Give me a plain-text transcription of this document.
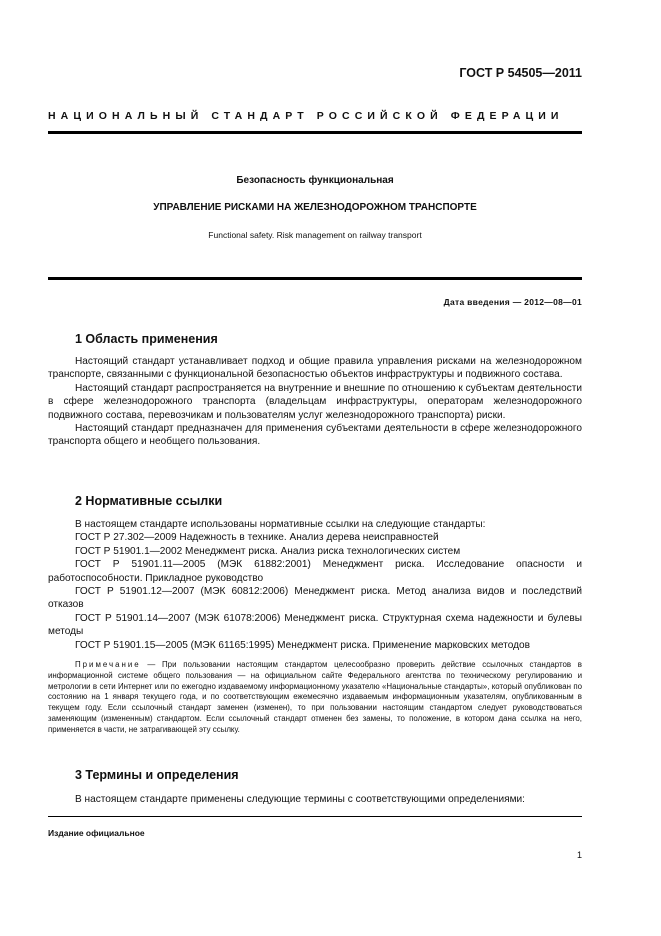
ГОСТ Р 54505—2011
НАЦИОНАЛЬНЫЙ СТАНДАРТ РОССИЙСКОЙ ФЕДЕРАЦИИ
Безопасность функциональная
УПРАВЛЕНИЕ РИСКАМИ НА ЖЕЛЕЗНОДОРОЖНОМ ТРАНСПОРТЕ
Functional safety. Risk management on railway transport
Дата введения — 2012—08—01
1 Область применения

Настоящий стандарт устанавливает подход и общие правила управления рисками на железнодорожном транспорте, связанными с функциональной безопасностью объектов инфраструктуры и подвижного состава.

Настоящий стандарт распространяется на внутренние и внешние по отношению к субъектам деятельности в сфере железнодорожного транспорта (владельцам инфраструктуры, операторам железнодорожного подвижного состава, перевозчикам и пользователям услуг железнодорожного транспорта) риски.

Настоящий стандарт предназначен для применения субъектами деятельности в сфере железнодорожного транспорта общего и необщего пользования.

2 Нормативные ссылки

В настоящем стандарте использованы нормативные ссылки на следующие стандарты:

ГОСТ Р 27.302—2009 Надежность в технике. Анализ дерева неисправностей

ГОСТ Р 51901.1—2002 Менеджмент риска. Анализ риска технологических систем

ГОСТ Р 51901.11—2005 (МЭК 61882:2001) Менеджмент риска. Исследование опасности и работоспособности. Прикладное руководство

ГОСТ Р 51901.12—2007 (МЭК 60812:2006) Менеджмент риска. Метод анализа видов и последствий отказов

ГОСТ Р 51901.14—2007 (МЭК 61078:2006) Менеджмент риска. Структурная схема надежности и булевы методы

ГОСТ Р 51901.15—2005 (МЭК 61165:1995) Менеджмент риска. Применение марковских методов

Примечание — При пользовании настоящим стандартом целесообразно проверить действие ссылочных стандартов в информационной системе общего пользования — на официальном сайте Федерального агентства по техническому регулированию и метрологии в сети Интернет или по ежегодно издаваемому информационному указателю «Национальные стандарты», который опубликован по состоянию на 1 января текущего года, и по соответствующим ежемесячно издаваемым информационным указателям, опубликованным в текущем году. Если ссылочный стандарт заменен (изменен), то при пользовании настоящим стандартом следует руководствоваться заменяющим (измененным) стандартом. Если ссылочный стандарт отменен без замены, то положение, в котором дана ссылка на него, применяется в части, не затрагивающей эту ссылку.

3 Термины и определения

В настоящем стандарте применены следующие термины с соответствующими определениями:

Издание официальное
1
